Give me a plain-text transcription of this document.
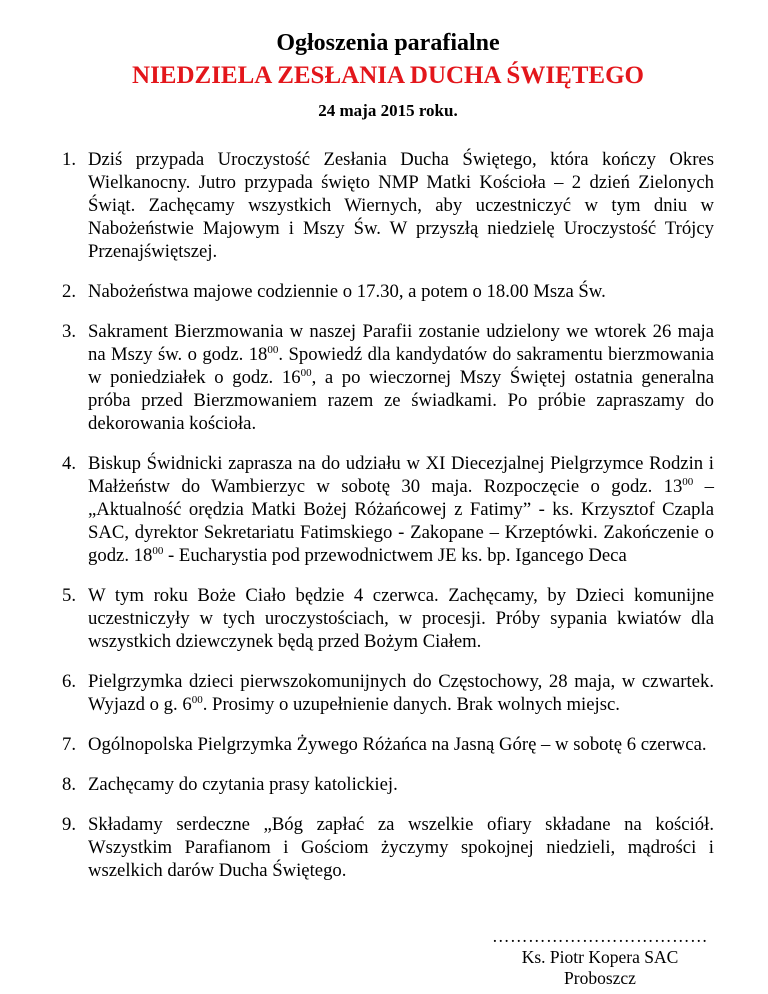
Ogłoszenia parafialne
NIEDZIELA ZESŁANIA DUCHA ŚWIĘTEGO
24 maja 2015 roku.
1. Dziś przypada Uroczystość Zesłania Ducha Świętego, która kończy Okres Wielkanocny. Jutro przypada święto NMP Matki Kościoła – 2 dzień Zielonych Świąt. Zachęcamy wszystkich Wiernych, aby uczestniczyć w tym dniu w Nabożeństwie Majowym i Mszy Św. W przyszłą niedzielę Uroczystość Trójcy Przenajświętszej.
2. Nabożeństwa majowe codziennie o 17.30, a potem o 18.00 Msza Św.
3. Sakrament Bierzmowania w naszej Parafii zostanie udzielony we wtorek 26 maja na Mszy św. o godz. $18^{00}$. Spowiedź dla kandydatów do sakramentu bierzmowania w poniedziałek o godz. $16^{00}$, a po wieczornej Mszy Świętej ostatnia generalna próba przed Bierzmowaniem razem ze świadkami. Po próbie zapraszamy do dekorowania kościoła.
4. Biskup Świdnicki zaprasza na do udziału w XI Diecezjalnej Pielgrzymce Rodzin i Małżeństw do Wambierzyc w sobotę 30 maja. Rozpoczęcie o godz. $13^{00}$ – „Aktualność orędzia Matki Bożej Różańcowej z Fatimy” - ks. Krzysztof Czapla SAC, dyrektor Sekretariatu Fatimskiego - Zakopane – Krzeptówki. Zakończenie o godz. $18^{00}$ - Eucharystia pod przewodnictwem JE ks. bp. Igancego Deca
5. W tym roku Boże Ciało będzie 4 czerwca. Zachęcamy, by Dzieci komunijne uczestniczyły w tych uroczystościach, w procesji. Próby sypania kwiatów dla wszystkich dziewczynek będą przed Bożym Ciałem.
6. Pielgrzymka dzieci pierwszokomunijnych do Częstochowy, 28 maja, w czwartek. Wyjazd o g. $6^{00}$. Prosimy o uzupełnienie danych. Brak wolnych miejsc.
7. Ogólnopolska Pielgrzymka Żywego Różańca na Jasną Górę – w sobotę 6 czerwca.
8. Zachęcamy do czytania prasy katolickiej.
9. Składamy serdeczne „Bóg zapłać za wszelkie ofiary składane na kościół. Wszystkim Parafianom i Gościom życzymy spokojnej niedzieli, mądrości i wszelkich darów Ducha Świętego.
………………………………
Ks. Piotr Kopera SAC
Proboszcz
